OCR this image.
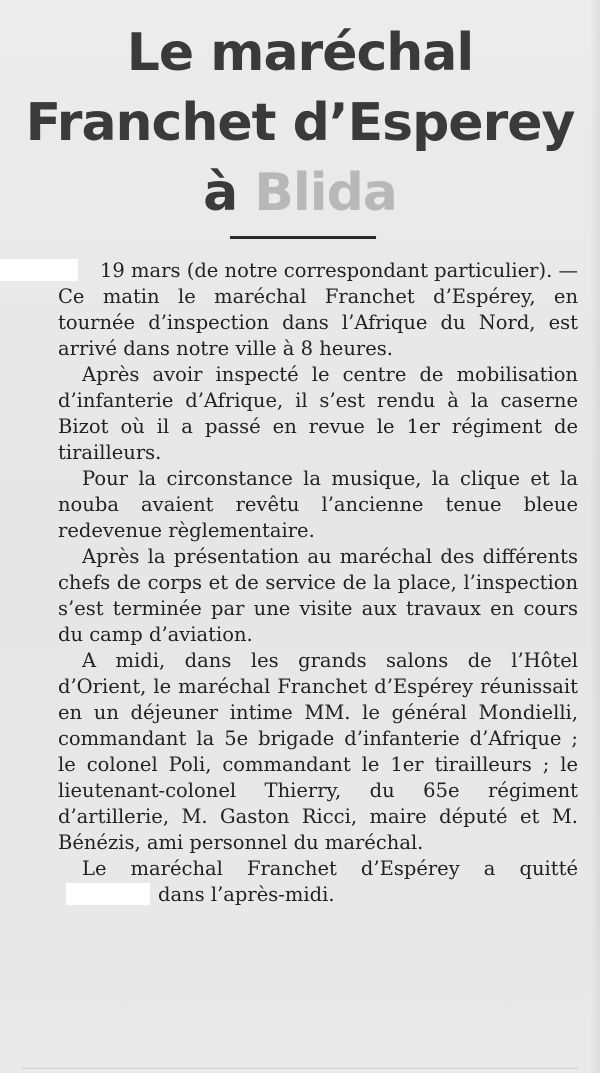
Le maréchal
Franchet d’Esperey
à Blida

19 mars (de notre correspondant particulier). — Ce matin le maréchal Franchet d’Espérey, en tournée d’inspection dans l’Afrique du Nord, est arrivé dans notre ville à 8 heures.

Après avoir inspecté le centre de mobilisation d’infanterie d’Afrique, il s’est rendu à la caserne Bizot où il a passé en revue le 1er régiment de tirailleurs.

Pour la circonstance la musique, la clique et la nouba avaient revêtu l’ancienne tenue bleue redevenue règlementaire.

Après la présentation au maréchal des différents chefs de corps et de service de la place, l’inspection s’est terminée par une visite aux travaux en cours du camp d’aviation.

A midi, dans les grands salons de l’Hôtel d’Orient, le maréchal Franchet d’Espérey réunissait en un déjeuner intime MM. le général Mondielli, commandant la 5e brigade d’infanterie d’Afrique ; le colonel Poli, commandant le 1er tirailleurs ; le lieutenant-colonel Thierry, du 65e régiment d’artillerie, M. Gaston Ricci, maire député et M. Bénézis, ami personnel du maréchal.

Le maréchal Franchet d’Espérey a quittédans l’après-midi.
